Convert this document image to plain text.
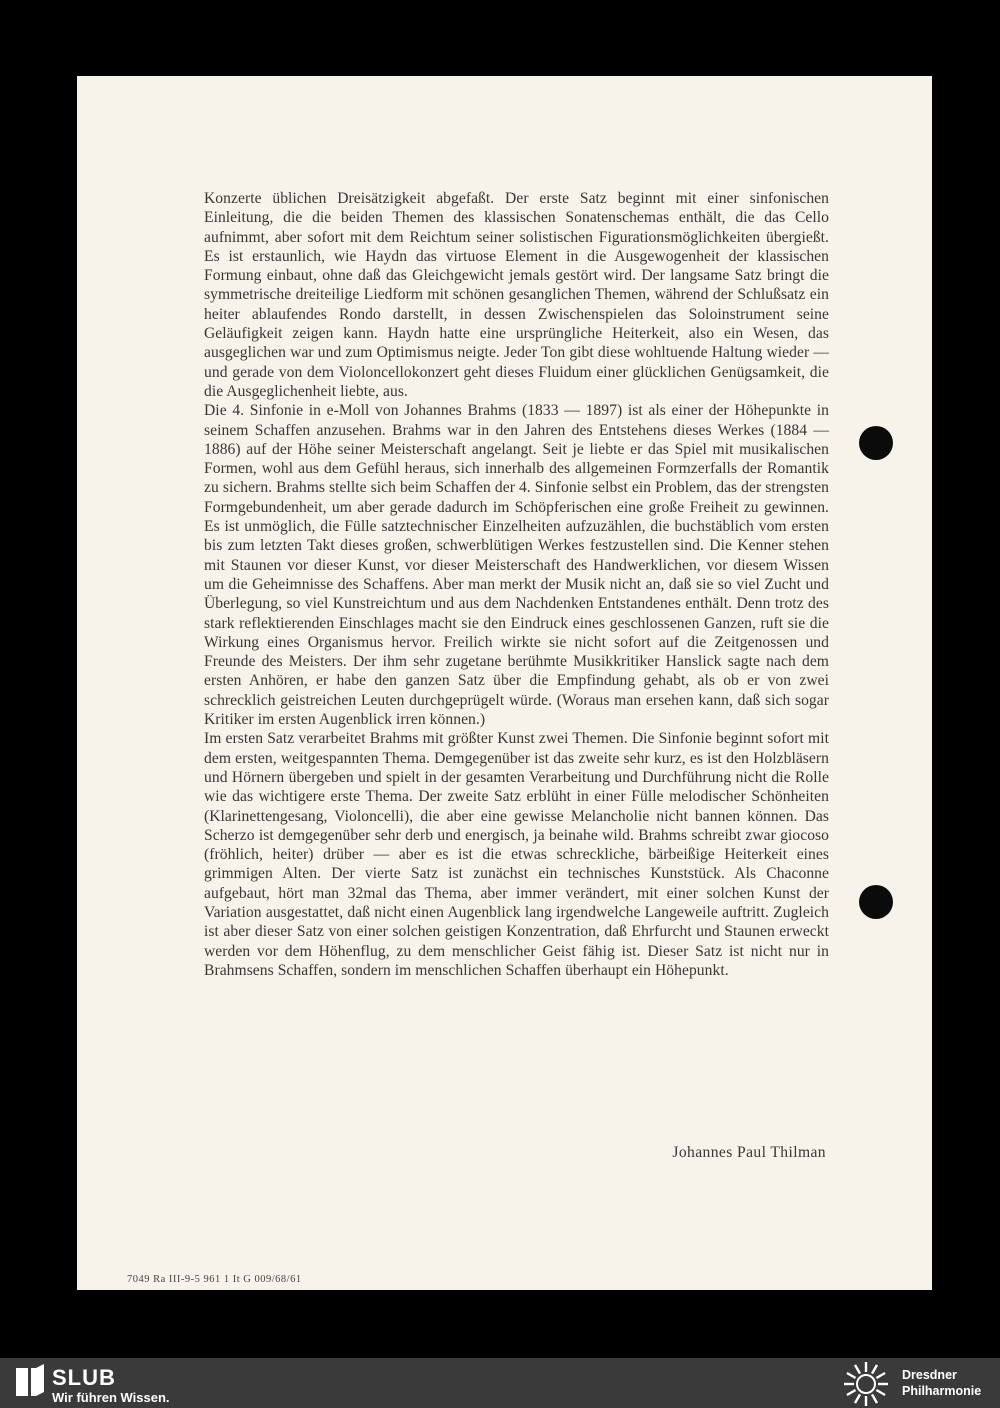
Konzerte üblichen Dreisätzigkeit abgefaßt. Der erste Satz beginnt mit einer sinfonischen Einleitung, die die beiden Themen des klassischen Sonatenschemas enthält, die das Cello aufnimmt, aber sofort mit dem Reichtum seiner solistischen Figurationsmöglichkeiten übergießt. Es ist erstaunlich, wie Haydn das virtuose Element in die Ausgewogenheit der klassischen Formung einbaut, ohne daß das Gleichgewicht jemals gestört wird. Der langsame Satz bringt die symmetrische dreiteilige Liedform mit schönen gesanglichen Themen, während der Schlußsatz ein heiter ablaufendes Rondo darstellt, in dessen Zwischenspielen das Soloinstrument seine Geläufigkeit zeigen kann. Haydn hatte eine ursprüngliche Heiterkeit, also ein Wesen, das ausgeglichen war und zum Optimismus neigte. Jeder Ton gibt diese wohltuende Haltung wieder — und gerade von dem Violoncellokonzert geht dieses Fluidum einer glücklichen Genügsamkeit, die die Ausgeglichenheit liebte, aus.

Die 4. Sinfonie in e-Moll von Johannes Brahms (1833 — 1897) ist als einer der Höhepunkte in seinem Schaffen anzusehen. Brahms war in den Jahren des Entstehens dieses Werkes (1884 — 1886) auf der Höhe seiner Meisterschaft angelangt. Seit je liebte er das Spiel mit musikalischen Formen, wohl aus dem Gefühl heraus, sich innerhalb des allgemeinen Formzerfalls der Romantik zu sichern. Brahms stellte sich beim Schaffen der 4. Sinfonie selbst ein Problem, das der strengsten Formgebundenheit, um aber gerade dadurch im Schöpferischen eine große Freiheit zu gewinnen. Es ist unmöglich, die Fülle satztechnischer Einzelheiten aufzuzählen, die buchstäblich vom ersten bis zum letzten Takt dieses großen, schwerblütigen Werkes festzustellen sind. Die Kenner stehen mit Staunen vor dieser Kunst, vor dieser Meisterschaft des Handwerklichen, vor diesem Wissen um die Geheimnisse des Schaffens. Aber man merkt der Musik nicht an, daß sie so viel Zucht und Überlegung, so viel Kunstreichtum und aus dem Nachdenken Entstandenes enthält. Denn trotz des stark reflektierenden Einschlages macht sie den Eindruck eines geschlossenen Ganzen, ruft sie die Wirkung eines Organismus hervor. Freilich wirkte sie nicht sofort auf die Zeitgenossen und Freunde des Meisters. Der ihm sehr zugetane berühmte Musikkritiker Hanslick sagte nach dem ersten Anhören, er habe den ganzen Satz über die Empfindung gehabt, als ob er von zwei schrecklich geistreichen Leuten durchgeprügelt würde. (Woraus man ersehen kann, daß sich sogar Kritiker im ersten Augenblick irren können.)

Im ersten Satz verarbeitet Brahms mit größter Kunst zwei Themen. Die Sinfonie beginnt sofort mit dem ersten, weitgespannten Thema. Demgegenüber ist das zweite sehr kurz, es ist den Holzbläsern und Hörnern übergeben und spielt in der gesamten Verarbeitung und Durchführung nicht die Rolle wie das wichtigere erste Thema. Der zweite Satz erblüht in einer Fülle melodischer Schönheiten (Klarinettengesang, Violoncelli), die aber eine gewisse Melancholie nicht bannen können. Das Scherzo ist demgegenüber sehr derb und energisch, ja beinahe wild. Brahms schreibt zwar giocoso (fröhlich, heiter) drüber — aber es ist die etwas schreckliche, bärbeißige Heiterkeit eines grimmigen Alten. Der vierte Satz ist zunächst ein technisches Kunststück. Als Chaconne aufgebaut, hört man 32mal das Thema, aber immer verändert, mit einer solchen Kunst der Variation ausgestattet, daß nicht einen Augenblick lang irgendwelche Langeweile auftritt. Zugleich ist aber dieser Satz von einer solchen geistigen Konzentration, daß Ehrfurcht und Staunen erweckt werden vor dem Höhenflug, zu dem menschlicher Geist fähig ist. Dieser Satz ist nicht nur in Brahmsens Schaffen, sondern im menschlichen Schaffen überhaupt ein Höhepunkt.

Johannes Paul Thilman
7049 Ra III-9-5 961 1 It G 009/68/61
SLUB
Wir führen Wissen.
Dresdner
Philharmonie
